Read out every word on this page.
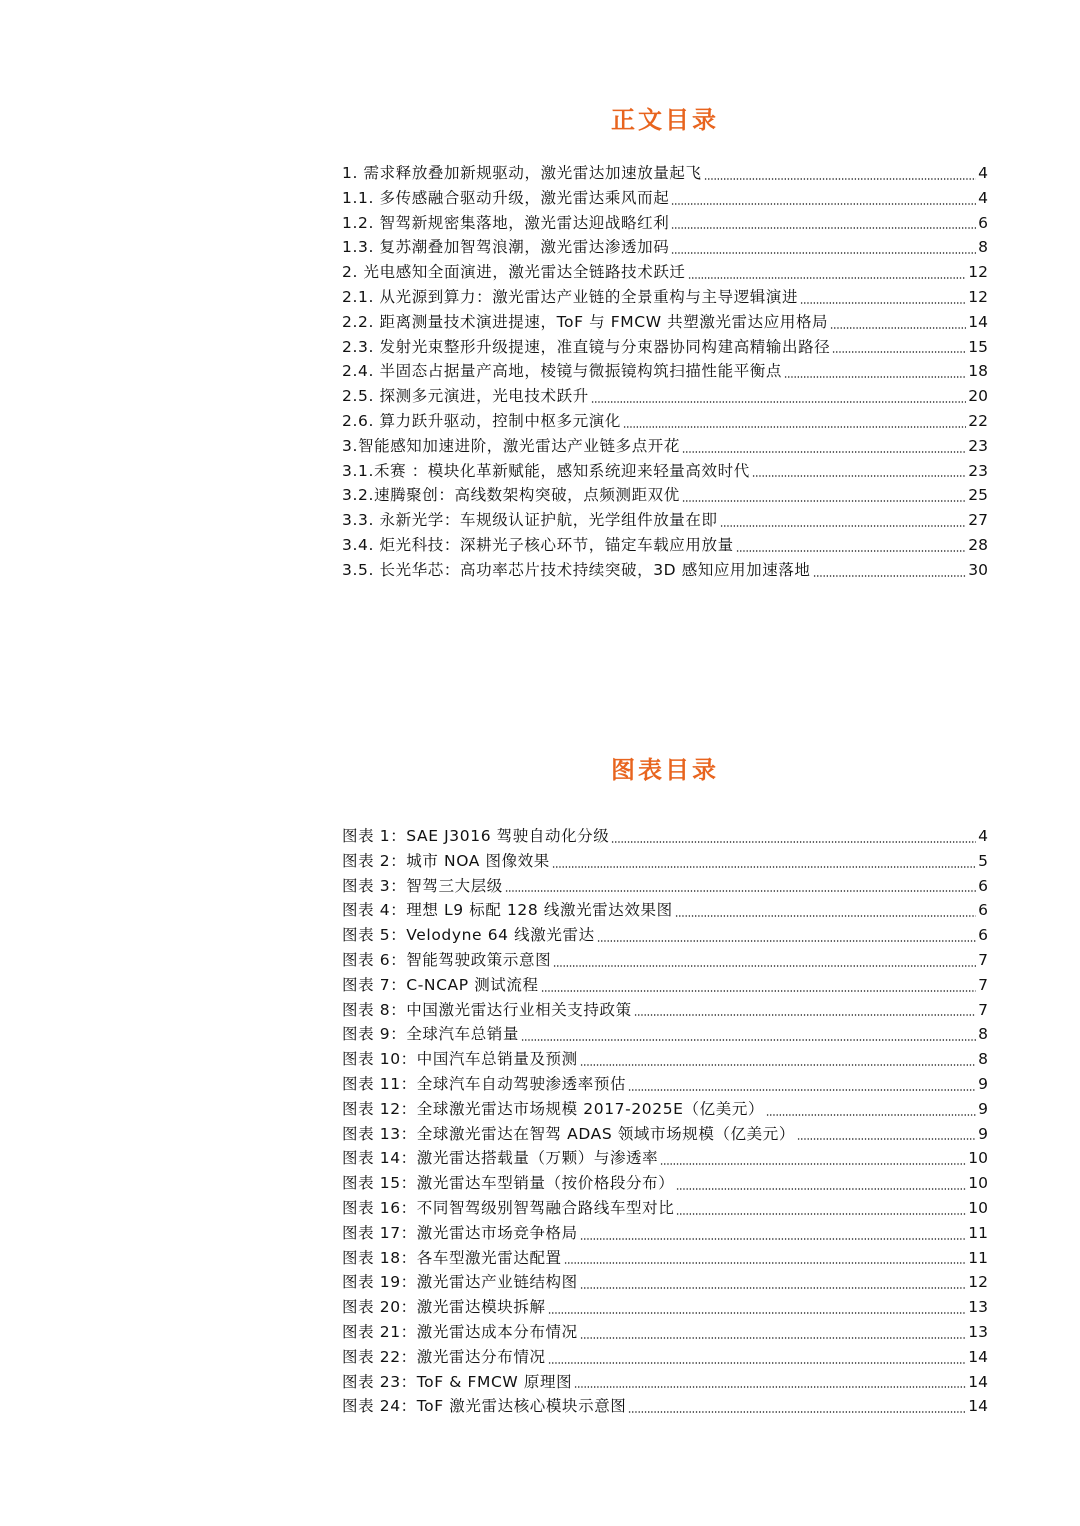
正文目录
1. 需求释放叠加新规驱动，激光雷达加速放量起飞	4
1.1. 多传感融合驱动升级，激光雷达乘风而起	4
1.2. 智驾新规密集落地，激光雷达迎战略红利	6
1.3. 复苏潮叠加智驾浪潮，激光雷达渗透加码	8
2. 光电感知全面演进，激光雷达全链路技术跃迁	12
2.1. 从光源到算力：激光雷达产业链的全景重构与主导逻辑演进	12
2.2. 距离测量技术演进提速，ToF 与 FMCW 共塑激光雷达应用格局	14
2.3. 发射光束整形升级提速，准直镜与分束器协同构建高精输出路径	15
2.4. 半固态占据量产高地，棱镜与微振镜构筑扫描性能平衡点	18
2.5. 探测多元演进，光电技术跃升	20
2.6. 算力跃升驱动，控制中枢多元演化	22
3.智能感知加速进阶，激光雷达产业链多点开花	23
3.1.禾赛 ：模块化革新赋能，感知系统迎来轻量高效时代	23
3.2.速腾聚创：高线数架构突破，点频测距双优	25
3.3. 永新光学：车规级认证护航，光学组件放量在即	27
3.4. 炬光科技：深耕光子核心环节，锚定车载应用放量	28
3.5. 长光华芯：高功率芯片技术持续突破，3D 感知应用加速落地	30
图表目录
图表 1：SAE J3016 驾驶自动化分级	4
图表 2：城市 NOA 图像效果	5
图表 3：智驾三大层级	6
图表 4：理想 L9 标配 128 线激光雷达效果图	6
图表 5：Velodyne 64 线激光雷达	6
图表 6：智能驾驶政策示意图	7
图表 7：C-NCAP 测试流程	7
图表 8：中国激光雷达行业相关支持政策	7
图表 9：全球汽车总销量	8
图表 10：中国汽车总销量及预测	8
图表 11：全球汽车自动驾驶渗透率预估	9
图表 12：全球激光雷达市场规模 2017-2025E（亿美元）	9
图表 13：全球激光雷达在智驾 ADAS 领域市场规模（亿美元）	9
图表 14：激光雷达搭载量（万颗）与渗透率	10
图表 15：激光雷达车型销量（按价格段分布）	10
图表 16：不同智驾级别智驾融合路线车型对比	10
图表 17：激光雷达市场竞争格局	11
图表 18：各车型激光雷达配置	11
图表 19：激光雷达产业链结构图	12
图表 20：激光雷达模块拆解	13
图表 21：激光雷达成本分布情况	13
图表 22：激光雷达分布情况	14
图表 23：ToF & FMCW 原理图	14
图表 24：ToF 激光雷达核心模块示意图	14
